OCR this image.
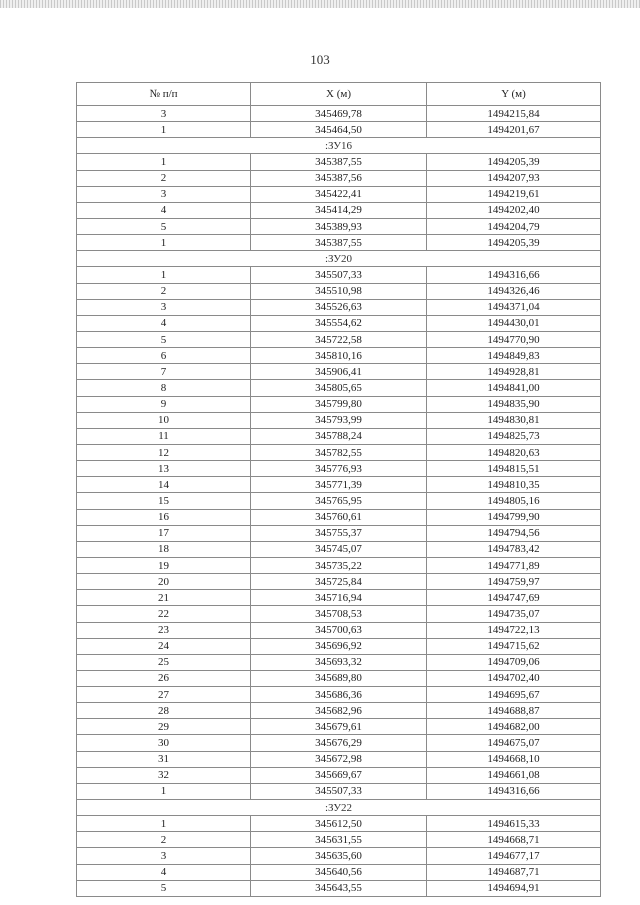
103
№ п/п	X (м)	Y (м)
3	345469,78	1494215,84
1	345464,50	1494201,67
:ЗУ16		
1	345387,55	1494205,39
2	345387,56	1494207,93
3	345422,41	1494219,61
4	345414,29	1494202,40
5	345389,93	1494204,79
1	345387,55	1494205,39
:ЗУ20		
1	345507,33	1494316,66
2	345510,98	1494326,46
3	345526,63	1494371,04
4	345554,62	1494430,01
5	345722,58	1494770,90
6	345810,16	1494849,83
7	345906,41	1494928,81
8	345805,65	1494841,00
9	345799,80	1494835,90
10	345793,99	1494830,81
11	345788,24	1494825,73
12	345782,55	1494820,63
13	345776,93	1494815,51
14	345771,39	1494810,35
15	345765,95	1494805,16
16	345760,61	1494799,90
17	345755,37	1494794,56
18	345745,07	1494783,42
19	345735,22	1494771,89
20	345725,84	1494759,97
21	345716,94	1494747,69
22	345708,53	1494735,07
23	345700,63	1494722,13
24	345696,92	1494715,62
25	345693,32	1494709,06
26	345689,80	1494702,40
27	345686,36	1494695,67
28	345682,96	1494688,87
29	345679,61	1494682,00
30	345676,29	1494675,07
31	345672,98	1494668,10
32	345669,67	1494661,08
1	345507,33	1494316,66
:ЗУ22		
1	345612,50	1494615,33
2	345631,55	1494668,71
3	345635,60	1494677,17
4	345640,56	1494687,71
5	345643,55	1494694,91
